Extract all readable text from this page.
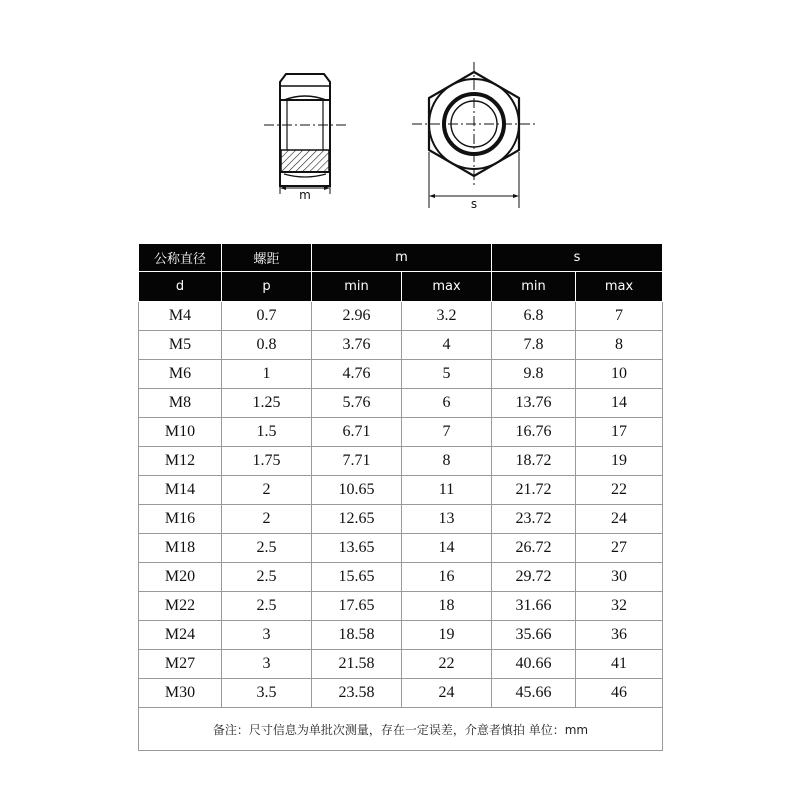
m
s
公称直径	螺距	m		s	
d	p	min	max	min	max
M4	0.7	2.96	3.2	6.8	7
M5	0.8	3.76	4	7.8	8
M6	1	4.76	5	9.8	10
M8	1.25	5.76	6	13.76	14
M10	1.5	6.71	7	16.76	17
M12	1.75	7.71	8	18.72	19
M14	2	10.65	11	21.72	22
M16	2	12.65	13	23.72	24
M18	2.5	13.65	14	26.72	27
M20	2.5	15.65	16	29.72	30
M22	2.5	17.65	18	31.66	32
M24	3	18.58	19	35.66	36
M27	3	21.58	22	40.66	41
M30	3.5	23.58	24	45.66	46
备注：尺寸信息为单批次测量，存在一定误差，介意者慎拍 单位：mm					
